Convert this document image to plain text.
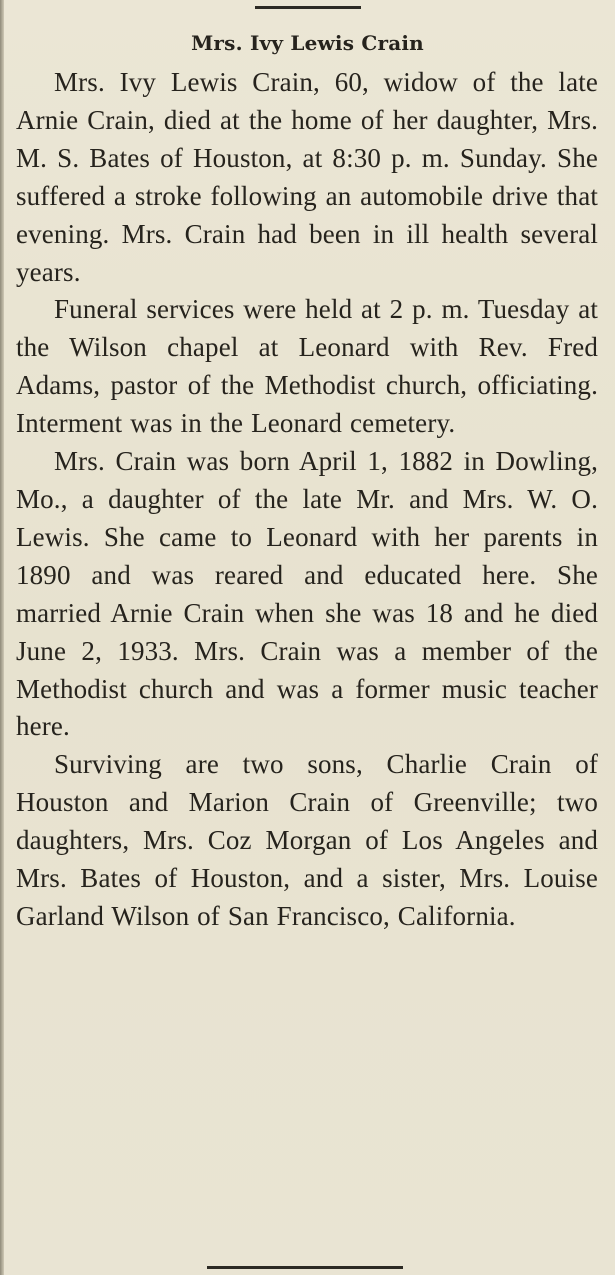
Mrs. Ivy Lewis Crain

Mrs. Ivy Lewis Crain, 60, widow of the late Arnie Crain, died at the home of her daughter, Mrs. M. S. Bates of Houston, at 8:30 p. m. Sunday. She suffered a stroke following an automobile drive that evening. Mrs. Crain had been in ill health several years.

Funeral services were held at 2 p. m. Tuesday at the Wilson chapel at Leonard with Rev. Fred Adams, pastor of the Methodist church, officiating. Interment was in the Leonard cemetery.

Mrs. Crain was born April 1, 1882 in Dowling, Mo., a daughter of the late Mr. and Mrs. W. O. Lewis. She came to Leonard with her parents in 1890 and was reared and educated here. She married Arnie Crain when she was 18 and he died June 2, 1933. Mrs. Crain was a member of the Methodist church and was a former music teacher here.

Surviving are two sons, Charlie Crain of Houston and Marion Crain of Greenville; two daughters, Mrs. Coz Morgan of Los Angeles and Mrs. Bates of Houston, and a sister, Mrs. Louise Garland Wilson of San Francisco, California.
